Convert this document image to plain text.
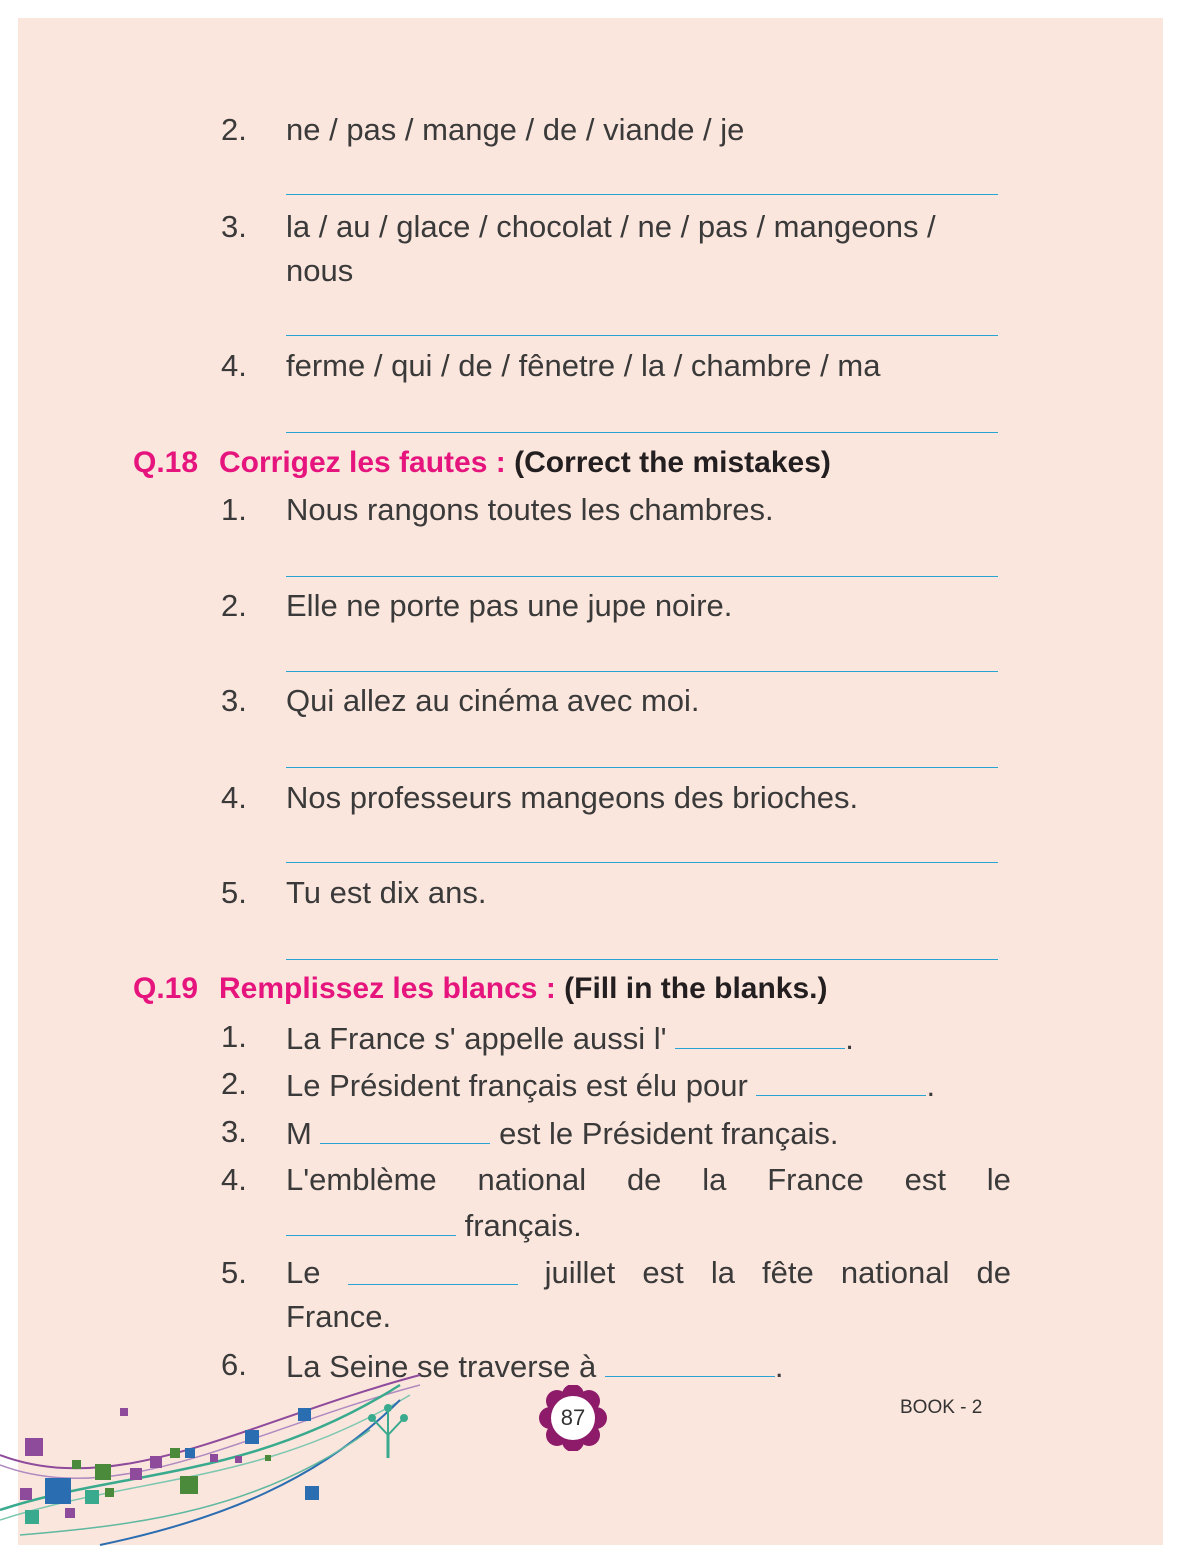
2.	ne / pas / mange / de / viande / je
3.	la / au / glace / chocolat / ne / pas / mangeons /
nous
4.	ferme / qui / de / fênetre / la / chambre / ma
Q.18 Corrigez les fautes : (Correct the mistakes)
1.	Nous rangons toutes les chambres.
2.	Elle ne porte pas une jupe noire.
3.	Qui allez au cinéma avec moi.
4.	Nos professeurs mangeons des brioches.
5.	Tu est dix ans.
Q.19 Remplissez les blancs : (Fill in the blanks.)
1.	La France s' appelle aussi l'	.
2.	Le Président français est élu pour	.
3.	M	est le Président français.
4.	L'emblème national de la France est le
français.
5.	Le	juillet est la fête national de
France.
6.	La Seine se traverse à	.
87	BOOK - 2
